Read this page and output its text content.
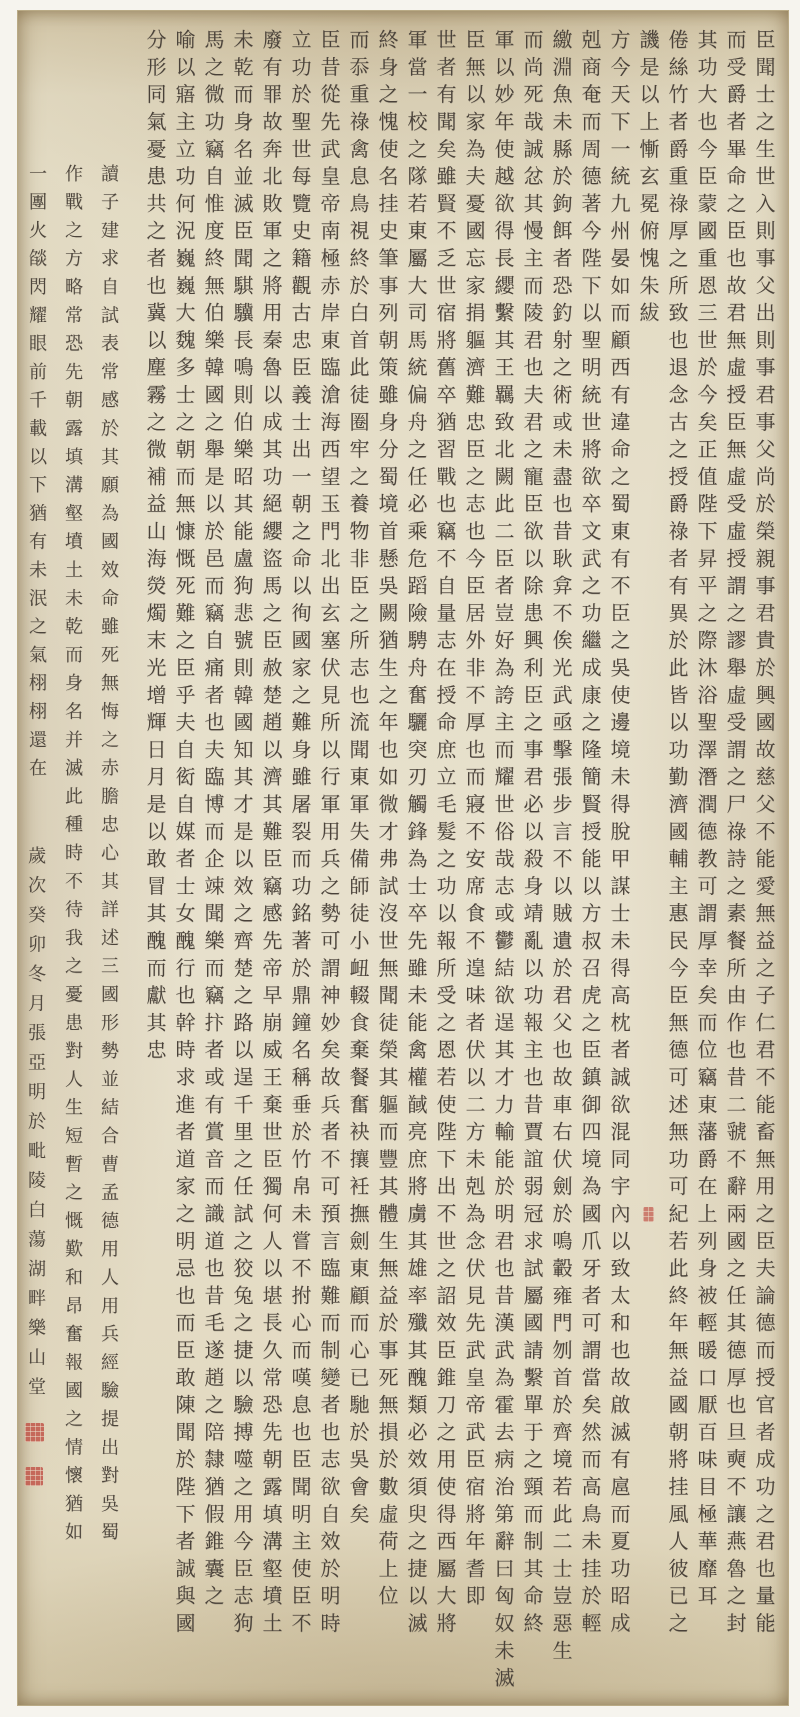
臣聞士之生世入則事父出則事君事父尚於榮親事君貴於興國故慈父不能愛無益之子仁君不能畜無用之臣夫論德而授官者成功之君也量能
而受爵者畢命之臣也故君無虛授臣無虛受虛授謂之謬舉虛受謂之尸祿詩之素餐所由作也昔二虢不辭兩國之任其德厚也旦奭不讓燕魯之封
其功大也今臣蒙國重恩三世於今矣正值陛下昇平之際沐浴聖澤潛潤德教可謂厚幸矣而位竊東藩爵在上列身被輕暖口厭百味目極華靡耳
倦絲竹者爵重祿厚之所致也退念古之授爵祿者有異於此皆以功勤濟國輔主惠民今臣無德可述無功可紀若此終年無益國朝將挂風人彼已之
譏是以上慚玄冕俯愧朱紱
方今天下一統九州晏如而顧西有違命之蜀東有不臣之吳使邊境未得脫甲謀士未得高枕者誠欲混同宇內以致太和也故啟滅有扈而夏功昭成
剋商奄而周德著今陛下以聖明統世將欲卒文武之功繼成康之隆簡賢授能以方叔召虎之臣鎮御四境為國爪牙者可謂當矣然而高鳥未挂於輕
繳淵魚未縣於鉤餌者恐釣射之術或未盡也昔耿弇不俟光武亟擊張步言不以賊遺於君父也故車右伏劍於鳴轂雍門刎首於齊境若此二士豈惡生
而尚死哉誠忿其慢主而陵君也夫君之寵臣欲以除患興利臣之事君必以殺身靖亂以功報主也昔賈誼弱冠求試屬國請繫單于之頸而制其命終
軍以妙年使越欲得長纓繫其王羈致北闕此二臣者豈好為誇主而耀世俗哉志或鬱結欲逞其才力輸能於明君也昔漢武為霍去病治第辭曰匈奴未滅
臣無以家為夫憂國忘家捐軀濟難忠臣之志也今臣居外非不厚也而寢不安席食不遑味者伏以二方未剋為念伏見先武皇帝武臣宿將年耆即
世者有聞矣雖賢不乏世宿將舊卒猶習戰也竊不自量志在授命庶立毛髮之功以報所受之恩若使陛下出不世之詔效臣錐刀之用使得西屬大將
軍當一校之隊若東屬大司馬統偏舟之任必乘危蹈險騁舟奮驪突刃觸鋒為士卒先雖未能禽權馘亮庶將虜其雄率殲其醜類必效須臾之捷以滅
終身之愧使名挂史筆事列朝策雖身分蜀境首懸吳闕猶生之年也如微才弗試沒世無聞徒榮其軀而豐其體生無益於事死無損於數虛荷上位
而忝重祿禽息鳥視終於白首此徒圈牢之養物非臣之所志也流聞東軍失備師徒小衄輟食棄餐奮袂攘衽撫劍東顧而心已馳於吳會矣
臣昔從先武皇帝南極赤岸東臨滄海西望玉門北出玄塞伏見所以行軍用兵之勢可謂神妙矣故兵者不可預言臨難而制變者也志欲自效於明時
立功於聖世每覽史籍觀古忠臣義士出一朝之命以徇國家之難身雖屠裂而功銘著於鼎鐘名稱垂於竹帛未嘗不拊心而嘆息也臣聞明主使臣不
廢有罪故奔北敗軍之將用秦魯以成其功絕纓盜馬之臣赦楚趙以濟其難臣竊感先帝早崩威王棄世臣獨何人以堪長久常恐先朝露填溝壑墳土
未乾而身名並滅臣聞騏驥長鳴則伯樂昭其能盧狗悲號則韓國知其才是以效之齊楚之路以逞千里之任試之狡兔之捷以驗搏噬之用今臣志狗
馬之微功竊自惟度終無伯樂韓國之舉是以於邑而竊自痛者也夫臨博而企竦聞樂而竊抃者或有賞音而識道也昔毛遂趙之陪隸猶假錐囊之
喻以寤主立功何況巍巍大魏多士之朝而無慷慨死難之臣乎夫自衒自媒者士女醜行也幹時求進者道家之明忌也而臣敢陳聞於陛下者誠與國
分形同氣憂患共之者也冀以塵霧之微補益山海熒燭末光增輝日月是以敢冒其醜而獻其忠
讀子建求自試表常感於其願為國效命雖死無悔之赤膽忠心其詳述三國形勢並結合曹孟德用人用兵經驗提出對吳蜀
作戰之方略常恐先朝露填溝壑墳土未乾而身名并滅此種時不待我之憂患對人生短暫之慨歎和昂奮報國之情懷猶如
一團火燄閃耀眼前千載以下猶有未泯之氣栩栩還在
歲次癸卯冬月張亞明於毗陵白蕩湖畔樂山堂
